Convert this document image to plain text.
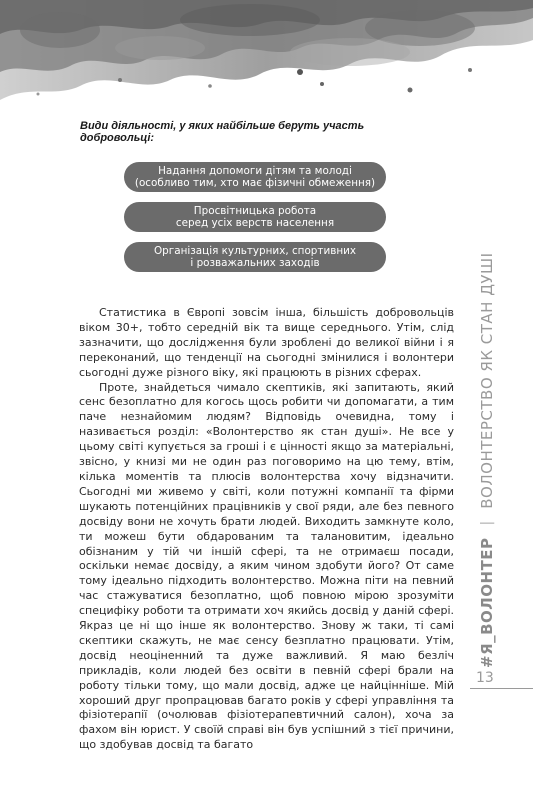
Види діяльності, у яких найбільше беруть участь добровольці:
Надання допомоги дітям та молоді
(особливо тим, хто має фізичні обмеження)
Просвітницька робота
серед усіх верств населення
Організація культурних, спортивних
і розважальних заходів

Статистика в Європі зовсім інша, більшість добровольців віком 30+, тобто середній вік та вище середнього. Утім, слід зазначити, що дослідження були зроблені до великої війни і я переконаний, що тенденції на сьогодні змінилися і волонтери сьогодні дуже різного віку, які працюють в різних сферах.

Проте, знайдеться чимало скептиків, які запитають, який сенс безоплатно для когось щось робити чи допомагати, а тим паче незнайомим людям? Відповідь очевидна, тому і називається розділ: «Волонтерство як стан душі». Не все у цьому світі купується за гроші і є цінності якщо за матеріальні, звісно, у книзі ми не один раз поговоримо на цю тему, втім, кілька моментів та плюсів волонтерства хочу відзначити. Сьогодні ми живемо у світі, коли потужні компанії та фірми шукають потенційних працівників у свої ряди, але без певного досвіду вони не хочуть брати людей. Виходить замкнуте коло, ти можеш бути обдарованим та талановитим, ідеально обізнаним у тій чи іншій сфері, та не отримаєш посади, оскільки немає досвіду, а яким чином здобути його? От саме тому ідеально підходить волонтерство. Можна піти на певний час стажуватися безоплатно, щоб повною мірою зрозуміти специфіку роботи та отримати хоч якийсь досвід у даній сфері. Якраз це ні що інше як волонтерство. Знову ж таки, ті самі скептики скажуть, не має сенсу безплатно працювати. Утім, досвід неоціненний та дуже важливий. Я маю безліч прикладів, коли людей без освіти в певній сфері брали на роботу тільки тому, що мали досвід, адже це найцінніше. Мій хороший друг пропрацював багато років у сфері управління та фізіотерапії (очолював фізіотерапевтичний салон), хоча за фахом він юрист. У своїй справі він був успішний з тієї причини, що здобував досвід та багато

#Я_ВОЛОНТЕР
|
ВОЛОНТЕРСТВО ЯК СТАН ДУШІ
13
